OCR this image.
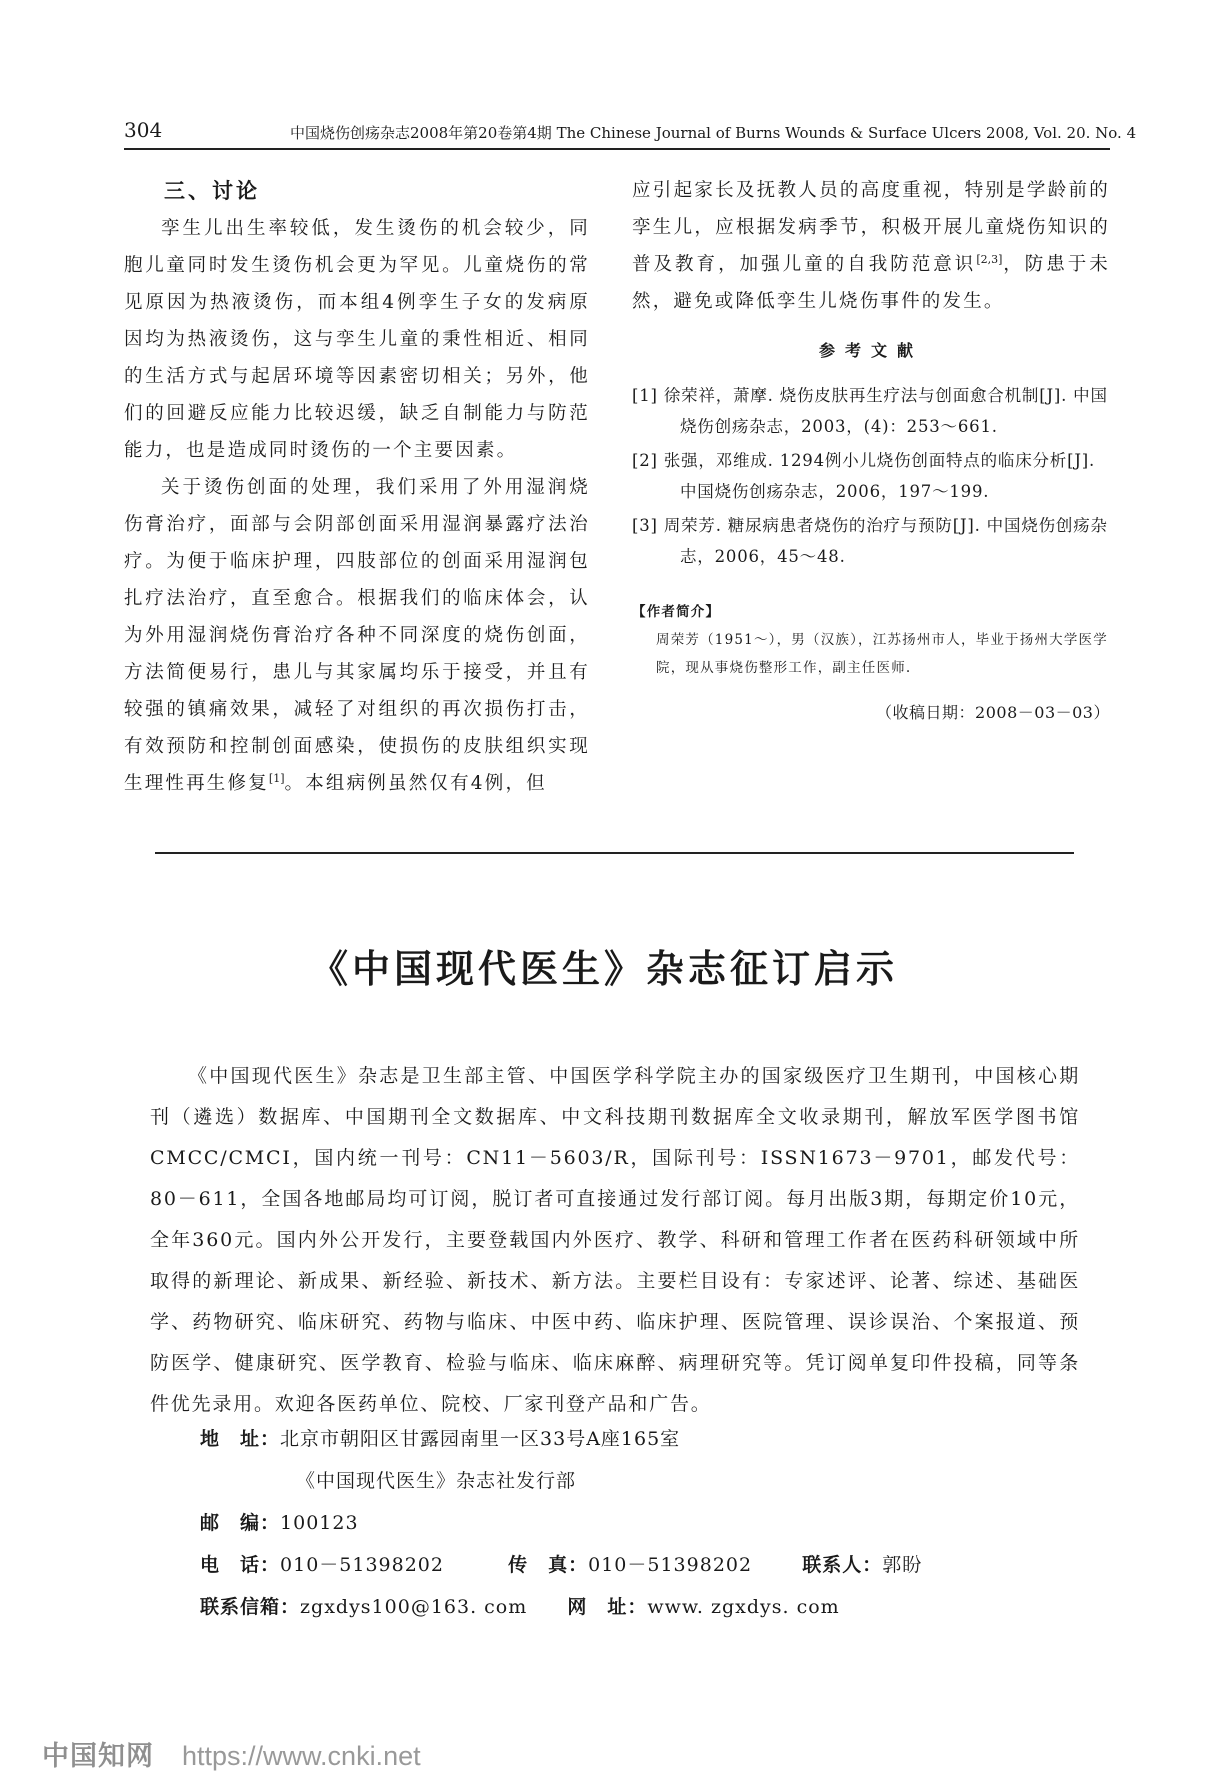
304	中国烧伤创疡杂志2008年第20卷第4期 The Chinese Journal of Burns Wounds & Surface Ulcers 2008, Vol. 20. No. 4
三、讨论

孪生儿出生率较低，发生烫伤的机会较少，同胞儿童同时发生烫伤机会更为罕见。儿童烧伤的常见原因为热液烫伤，而本组4例孪生子女的发病原因均为热液烫伤，这与孪生儿童的秉性相近、相同的生活方式与起居环境等因素密切相关；另外，他们的回避反应能力比较迟缓，缺乏自制能力与防范能力，也是造成同时烫伤的一个主要因素。

关于烫伤创面的处理，我们采用了外用湿润烧伤膏治疗，面部与会阴部创面采用湿润暴露疗法治疗。为便于临床护理，四肢部位的创面采用湿润包扎疗法治疗，直至愈合。根据我们的临床体会，认为外用湿润烧伤膏治疗各种不同深度的烧伤创面，方法简便易行，患儿与其家属均乐于接受，并且有较强的镇痛效果，减轻了对组织的再次损伤打击，有效预防和控制创面感染，使损伤的皮肤组织实现生理性再生修复[1]。本组病例虽然仅有4例，但

应引起家长及抚教人员的高度重视，特别是学龄前的孪生儿，应根据发病季节，积极开展儿童烧伤知识的普及教育，加强儿童的自我防范意识[2,3]，防患于未然，避免或降低孪生儿烧伤事件的发生。

参考文献
[1] 徐荣祥，萧摩. 烧伤皮肤再生疗法与创面愈合机制[J]. 中国烧伤创疡杂志，2003，(4)：253～661.
[2] 张强，邓维成. 1294例小儿烧伤创面特点的临床分析[J]. 中国烧伤创疡杂志，2006，197～199.
[3] 周荣芳. 糖尿病患者烧伤的治疗与预防[J]. 中国烧伤创疡杂志，2006，45～48.
【作者简介】
周荣芳（1951～），男（汉族），江苏扬州市人，毕业于扬州大学医学院，现从事烧伤整形工作，副主任医师.
（收稿日期：2008－03－03）
《中国现代医生》杂志征订启示

《中国现代医生》杂志是卫生部主管、中国医学科学院主办的国家级医疗卫生期刊，中国核心期刊（遴选）数据库、中国期刊全文数据库、中文科技期刊数据库全文收录期刊，解放军医学图书馆CMCC/CMCI，国内统一刊号：CN11－5603/R，国际刊号：ISSN1673－9701，邮发代号：80－611，全国各地邮局均可订阅，脱订者可直接通过发行部订阅。每月出版3期，每期定价10元，全年360元。国内外公开发行，主要登载国内外医疗、教学、科研和管理工作者在医药科研领域中所取得的新理论、新成果、新经验、新技术、新方法。主要栏目设有：专家述评、论著、综述、基础医学、药物研究、临床研究、药物与临床、中医中药、临床护理、医院管理、误诊误治、个案报道、预防医学、健康研究、医学教育、检验与临床、临床麻醉、病理研究等。凭订阅单复印件投稿，同等条件优先录用。欢迎各医药单位、院校、厂家刊登产品和广告。

地　址：北京市朝阳区甘露园南里一区33号A座165室
《中国现代医生》杂志社发行部
邮　编：100123
电　话：010－51398202	传　真：010－51398202	联系人：郭盼
联系信箱：zgxdys100@163. com 网　址：www. zgxdys. com
中国知网 https://www.cnki.net
